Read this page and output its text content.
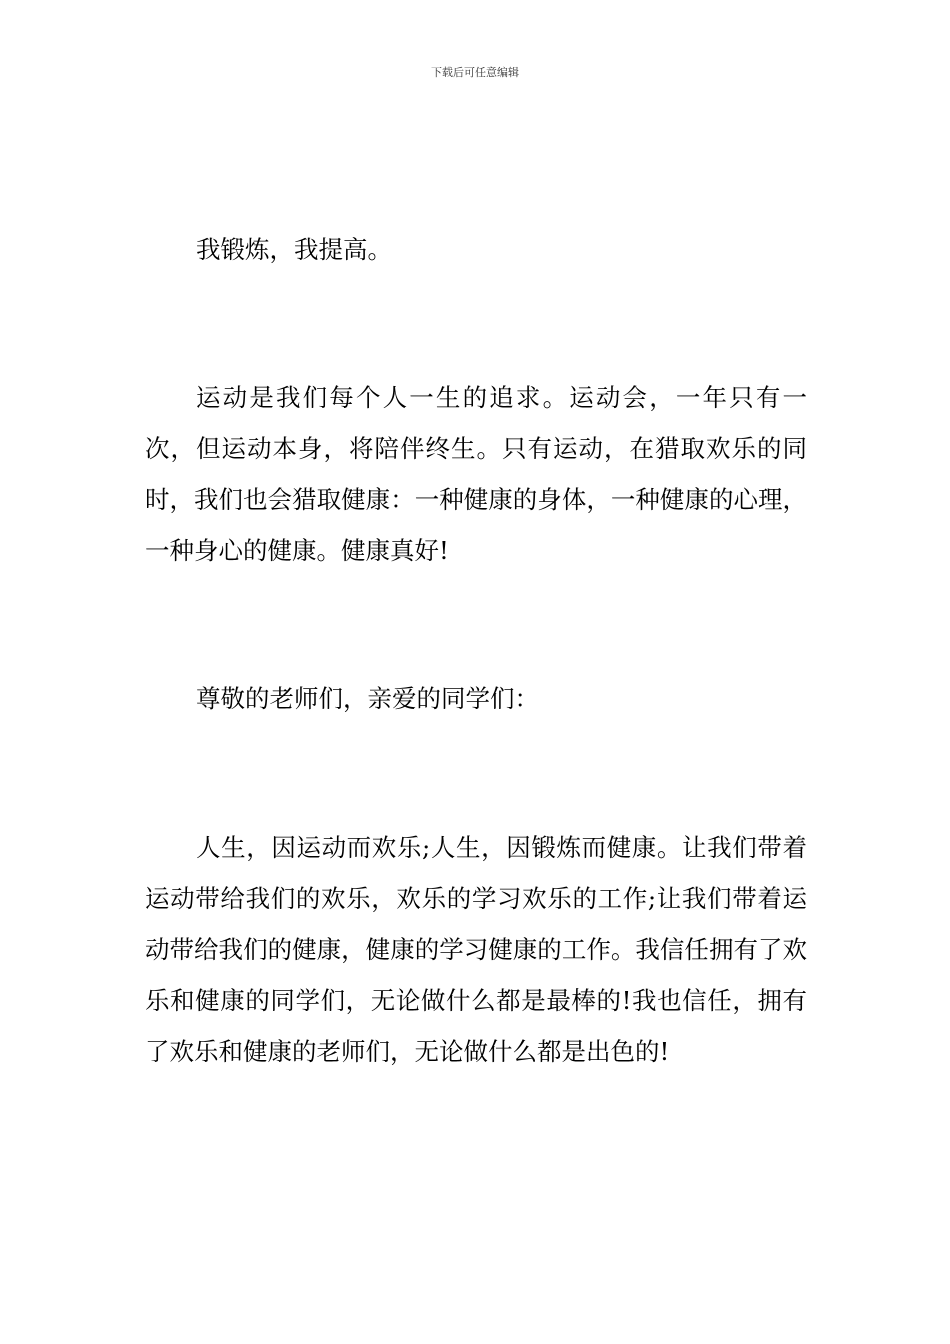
下载后可任意编辑

我锻炼，我提高。

运动是我们每个人一生的追求。运动会，一年只有一次，但运动本身，将陪伴终生。只有运动，在猎取欢乐的同时，我们也会猎取健康：一种健康的身体，一种健康的心理，一种身心的健康。健康真好!

尊敬的老师们，亲爱的同学们：

人生，因运动而欢乐;人生，因锻炼而健康。让我们带着运动带给我们的欢乐，欢乐的学习欢乐的工作;让我们带着运动带给我们的健康，健康的学习健康的工作。我信任拥有了欢乐和健康的同学们，无论做什么都是最棒的!我也信任，拥有了欢乐和健康的老师们，无论做什么都是出色的!
